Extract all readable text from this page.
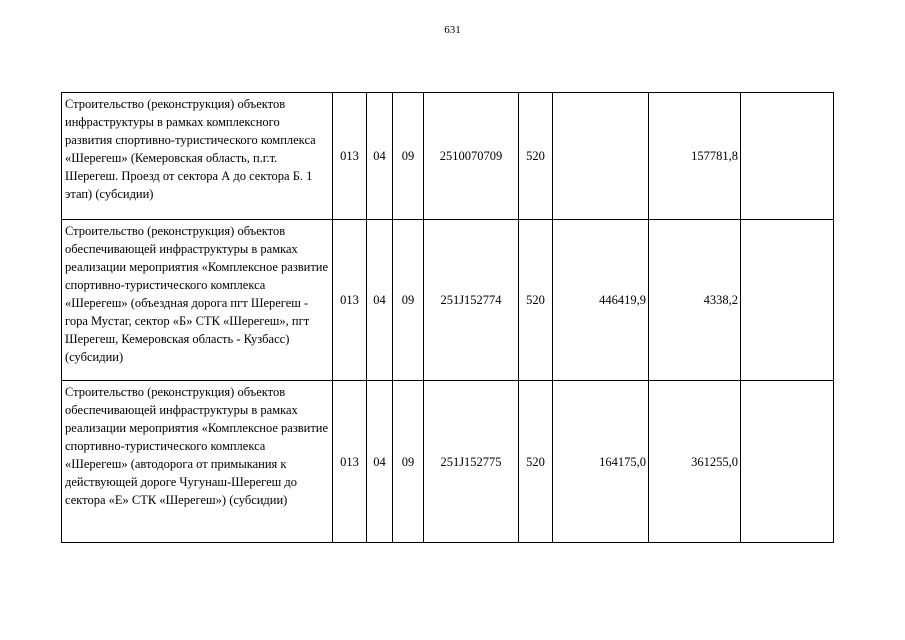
631
Строительство (реконструкция) объектов инфраструктуры в рамках комплексного развития спортивно-туристического комплекса «Шерегеш» (Кемеровская область, п.г.т. Шерегеш. Проезд от сектора А до сектора Б. 1 этап) (субсидии)	013	04	09	2510070709	520		157781,8	
Строительство (реконструкция) объектов обеспечивающей инфраструктуры в рамках реализации мероприятия «Комплексное развитие спортивно-туристического комплекса «Шерегеш» (объездная дорога пгт Шерегеш - гора Мустаг, сектор «Б» СТК «Шерегеш», пгт Шерегеш, Кемеровская область - Кузбасс) (субсидии)	013	04	09	251J152774	520	446419,9	4338,2	
Строительство (реконструкция) объектов обеспечивающей инфраструктуры в рамках реализации мероприятия «Комплексное развитие спортивно-туристического комплекса «Шерегеш» (автодорога от примыкания к действующей дороге Чугунаш-Шерегеш до сектора «Е» СТК «Шерегеш») (субсидии)	013	04	09	251J152775	520	164175,0	361255,0	
